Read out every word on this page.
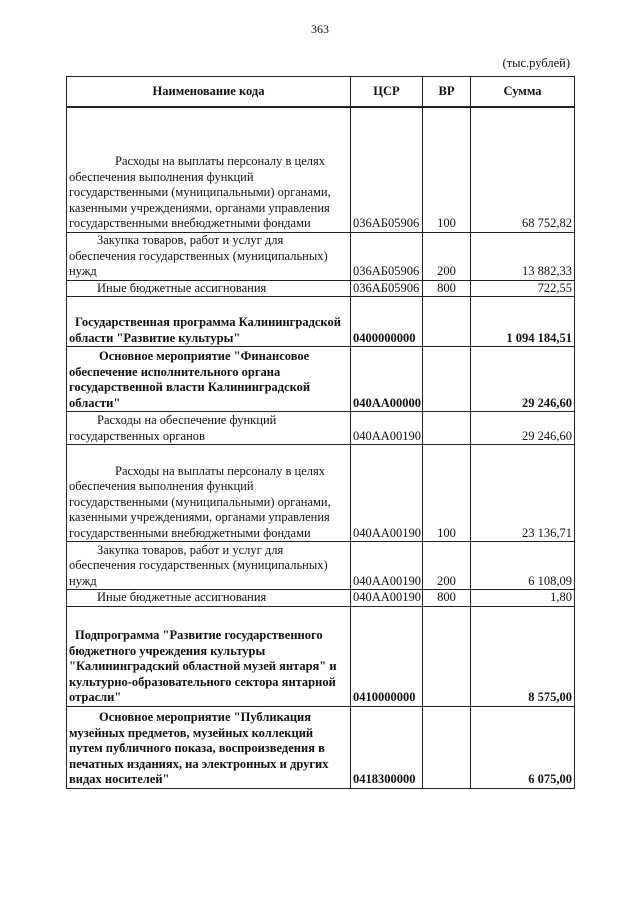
363
(тыс.рублей)
Наименование кода	ЦСР	ВР	Сумма

Расходы на выплаты персоналу в целях обеспечения выполнения функций государственными (муниципальными) органами, казенными учреждениями, органами управления государственными внебюджетными фондами	036АБ05906	100	68 752,82

Закупка товаров, работ и услуг для обеспечения государственных (муниципальных) нужд	036АБ05906	200	13 882,33

Иные бюджетные ассигнования	036АБ05906	800	722,55

Государственная программа Калининградской области "Развитие культуры"	0400000000		1 094 184,51

Основное мероприятие "Финансовое обеспечение исполнительного органа государственной власти Калининградской области"	040АА00000		29 246,60

Расходы на обеспечение функций государственных органов	040АА00190		29 246,60

Расходы на выплаты персоналу в целях обеспечения выполнения функций государственными (муниципальными) органами, казенными учреждениями, органами управления государственными внебюджетными фондами	040АА00190	100	23 136,71

Закупка товаров, работ и услуг для обеспечения государственных (муниципальных) нужд	040АА00190	200	6 108,09

Иные бюджетные ассигнования	040АА00190	800	1,80

Подпрограмма "Развитие государственного бюджетного учреждения культуры "Калининградский областной музей янтаря" и культурно-образовательного сектора янтарной отрасли"	0410000000		8 575,00

Основное мероприятие "Публикация музейных предметов, музейных коллекций путем публичного показа, воспроизведения в печатных изданиях, на электронных и других видах носителей"	0418300000		6 075,00
